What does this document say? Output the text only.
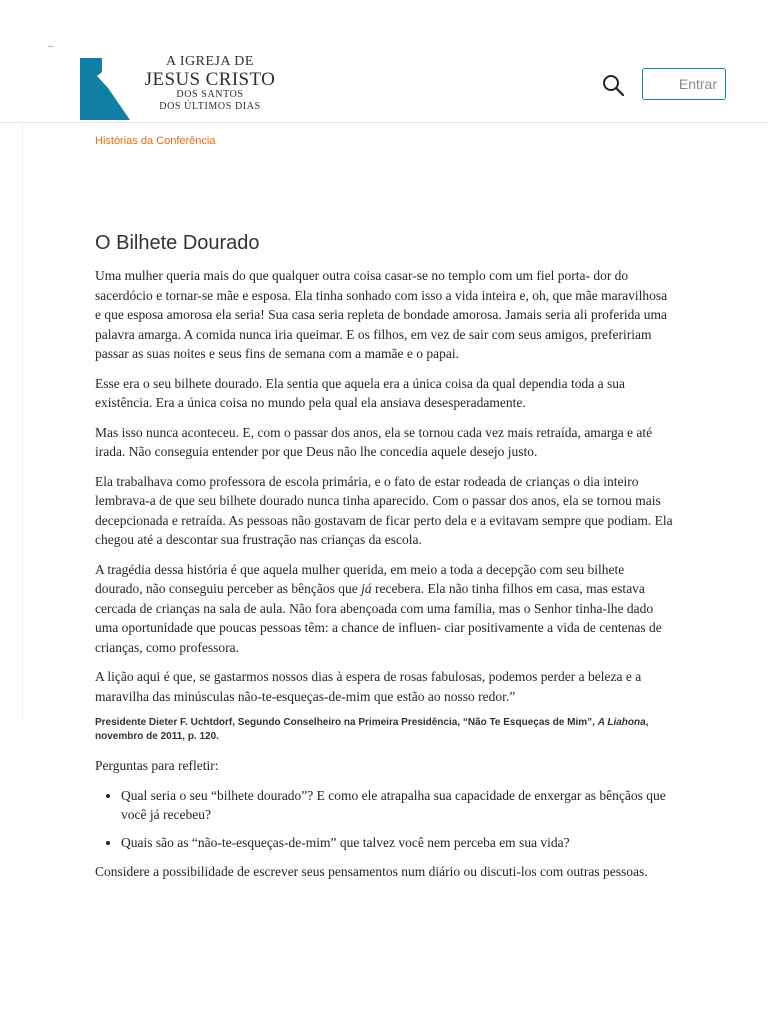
A IGREJA DE
JESUS CRISTO
DOS SANTOS
DOS ÚLTIMOS DIAS
Entrar
Histórias da Conferência
O Bilhete Dourado

Uma mulher queria mais do que qualquer outra coisa casar-se no templo com um fiel porta- dor do sacerdócio e tornar-se mãe e esposa. Ela tinha sonhado com isso a vida inteira e, oh, que mãe maravilhosa e que esposa amorosa ela seria! Sua casa seria repleta de bondade amorosa. Jamais seria ali proferida uma palavra amarga. A comida nunca iria queimar. E os filhos, em vez de sair com seus amigos, prefeririam passar as suas noites e seus fins de semana com a mamãe e o papai.

Esse era o seu bilhete dourado. Ela sentia que aquela era a única coisa da qual dependia toda a sua existência. Era a única coisa no mundo pela qual ela ansiava desesperadamente.

Mas isso nunca aconteceu. E, com o passar dos anos, ela se tornou cada vez mais retraída, amarga e até irada. Não conseguia entender por que Deus não lhe concedia aquele desejo justo.

Ela trabalhava como professora de escola primária, e o fato de estar rodeada de crianças o dia inteiro lembrava-a de que seu bilhete dourado nunca tinha aparecido. Com o passar dos anos, ela se tornou mais decepcionada e retraída. As pessoas não gostavam de ficar perto dela e a evitavam sempre que podiam. Ela chegou até a descontar sua frustração nas crianças da escola.

A tragédia dessa história é que aquela mulher querida, em meio a toda a decepção com seu bilhete dourado, não conseguiu perceber as bênçãos que já recebera. Ela não tinha filhos em casa, mas estava cercada de crianças na sala de aula. Não fora abençoada com uma família, mas o Senhor tinha-lhe dado uma oportunidade que poucas pessoas têm: a chance de influen- ciar positivamente a vida de centenas de crianças, como professora.

A lição aqui é que, se gastarmos nossos dias à espera de rosas fabulosas, podemos perder a beleza e a maravilha das minúsculas não-te-esqueças-de-mim que estão ao nosso redor.”

Presidente Dieter F. Uchtdorf, Segundo Conselheiro na Primeira Presidência, “Não Te Esqueças de Mim”, A Liahona, novembro de 2011, p. 120.

Perguntas para refletir:

• Qual seria o seu “bilhete dourado”? E como ele atrapalha sua capacidade de enxergar as bênçãos que você já recebeu?
• Quais são as “não-te-esqueças-de-mim” que talvez você nem perceba em sua vida?

Considere a possibilidade de escrever seus pensamentos num diário ou discuti-los com outras pessoas.
